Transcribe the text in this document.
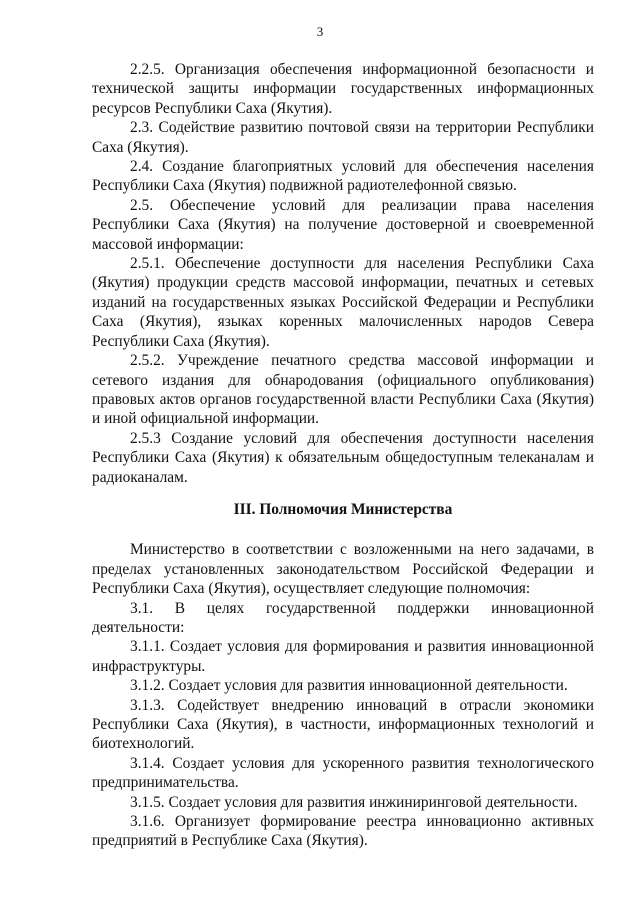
3

2.2.5. Организация обеспечения информационной безопасности и технической защиты информации государственных информационных ресурсов Республики Саха (Якутия).

2.3. Содействие развитию почтовой связи на территории Республики Саха (Якутия).

2.4. Создание благоприятных условий для обеспечения населения Республики Саха (Якутия) подвижной радиотелефонной связью.

2.5. Обеспечение условий для реализации права населения Республики Саха (Якутия) на получение достоверной и своевременной массовой информации:

2.5.1. Обеспечение доступности для населения Республики Саха (Якутия) продукции средств массовой информации, печатных и сетевых изданий на государственных языках Российской Федерации и Республики Саха (Якутия), языках коренных малочисленных народов Севера Республики Саха (Якутия).

2.5.2. Учреждение печатного средства массовой информации и сетевого издания для обнародования (официального опубликования) правовых актов органов государственной власти Республики Саха (Якутия) и иной официальной информации.

2.5.3 Создание условий для обеспечения доступности населения Республики Саха (Якутия) к обязательным общедоступным телеканалам и радиоканалам.

III. Полномочия Министерства

Министерство в соответствии с возложенными на него задачами, в пределах установленных законодательством Российской Федерации и Республики Саха (Якутия), осуществляет следующие полномочия:

3.1. В целях государственной поддержки инновационной деятельности:

3.1.1. Создает условия для формирования и развития инновационной инфраструктуры.

3.1.2. Создает условия для развития инновационной деятельности.

3.1.3. Содействует внедрению инноваций в отрасли экономики Республики Саха (Якутия), в частности, информационных технологий и биотехнологий.

3.1.4. Создает условия для ускоренного развития технологического предпринимательства.

3.1.5. Создает условия для развития инжиниринговой деятельности.

3.1.6. Организует формирование реестра инновационно активных предприятий в Республике Саха (Якутия).
